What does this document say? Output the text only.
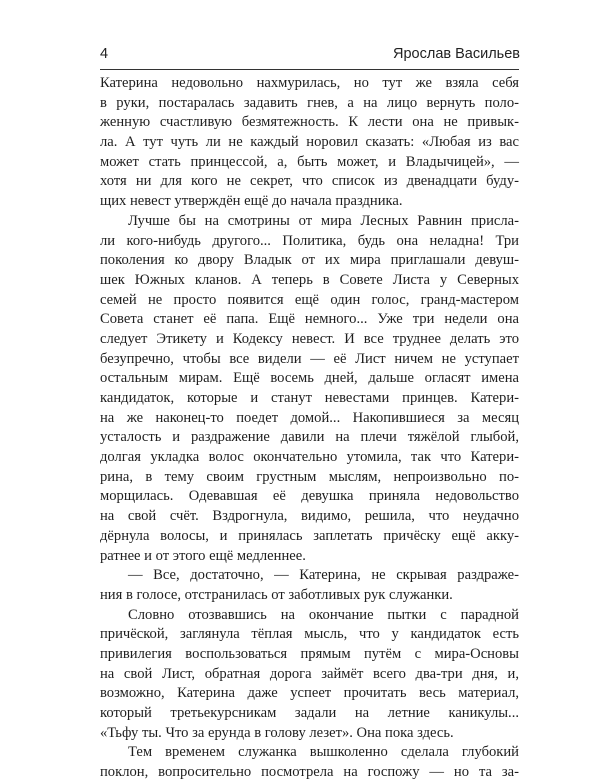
4	Ярослав Васильев
Катерина недовольно нахмурилась, но тут же взяла себя
в руки, постаралась задавить гнев, а на лицо вернуть поло-
женную счастливую безмятежность. К лести она не привык-
ла. А тут чуть ли не каждый норовил сказать: «Любая из вас
может стать принцессой, а, быть может, и Владычицей», —
хотя ни для кого не секрет, что список из двенадцати буду-
щих невест утверждён ещё до начала праздника.
Лучше бы на смотрины от мира Лесных Равнин присла-
ли кого-нибудь другого... Политика, будь она неладна! Три
поколения ко двору Владык от их мира приглашали девуш-
шек Южных кланов. А теперь в Совете Листа у Северных
семей не просто появится ещё один голос, гранд-мастером
Совета станет её папа. Ещё немного... Уже три недели она
следует Этикету и Кодексу невест. И все труднее делать это
безупречно, чтобы все видели — её Лист ничем не уступает
остальным мирам. Ещё восемь дней, дальше огласят имена
кандидаток, которые и станут невестами принцев. Катери-
на же наконец-то поедет домой... Накопившиеся за месяц
усталость и раздражение давили на плечи тяжёлой глыбой,
долгая укладка волос окончательно утомила, так что Катери-
рина, в тему своим грустным мыслям, непроизвольно по-
морщилась. Одевавшая её девушка приняла недовольство
на свой счёт. Вздрогнула, видимо, решила, что неудачно
дёрнула волосы, и принялась заплетать причёску ещё акку-
ратнее и от этого ещё медленнее.
— Все, достаточно, — Катерина, не скрывая раздраже-
ния в голосе, отстранилась от заботливых рук служанки.
Словно отозвавшись на окончание пытки с парадной
причёской, заглянула тёплая мысль, что у кандидаток есть
привилегия воспользоваться прямым путём с мира-Основы
на свой Лист, обратная дорога займёт всего два-три дня, и,
возможно, Катерина даже успеет прочитать весь материал,
который третьекурсникам задали на летние каникулы...
«Тьфу ты. Что за ерунда в голову лезет». Она пока здесь.
Тем временем служанка вышколенно сделала глубокий
поклон, вопросительно посмотрела на госпожу — но та за-
